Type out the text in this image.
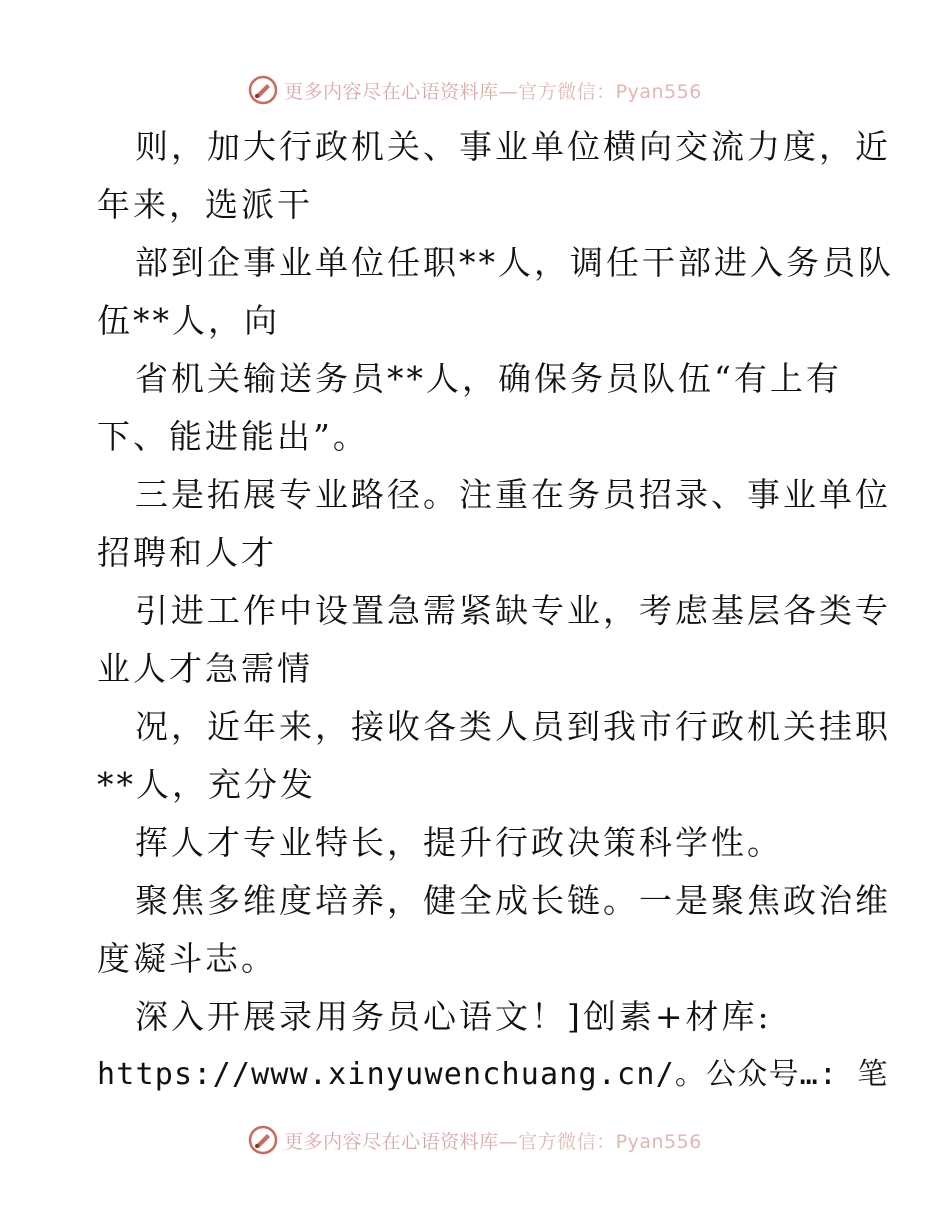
更多内容尽在心语资料库—官方微信：Pyan556
则，加大行政机关、事业单位横向交流力度，近
年来，选派干
部到企事业单位任职**人，调任干部进入务员队
伍**人，向
省机关输送务员**人，确保务员队伍“有上有
下、能进能出”。
三是拓展专业路径。注重在务员招录、事业单位
招聘和人才
引进工作中设置急需紧缺专业，考虑基层各类专
业人才急需情
况，近年来，接收各类人员到我市行政机关挂职
**人，充分发
挥人才专业特长，提升行政决策科学性。
聚焦多维度培养，健全成长链。一是聚焦政治维
度凝斗志。
深入开展录用务员心语文！]创素+材库:
https://www.xinyuwenchuang.cn/。公众号…: 笔
更多内容尽在心语资料库—官方微信：Pyan556
